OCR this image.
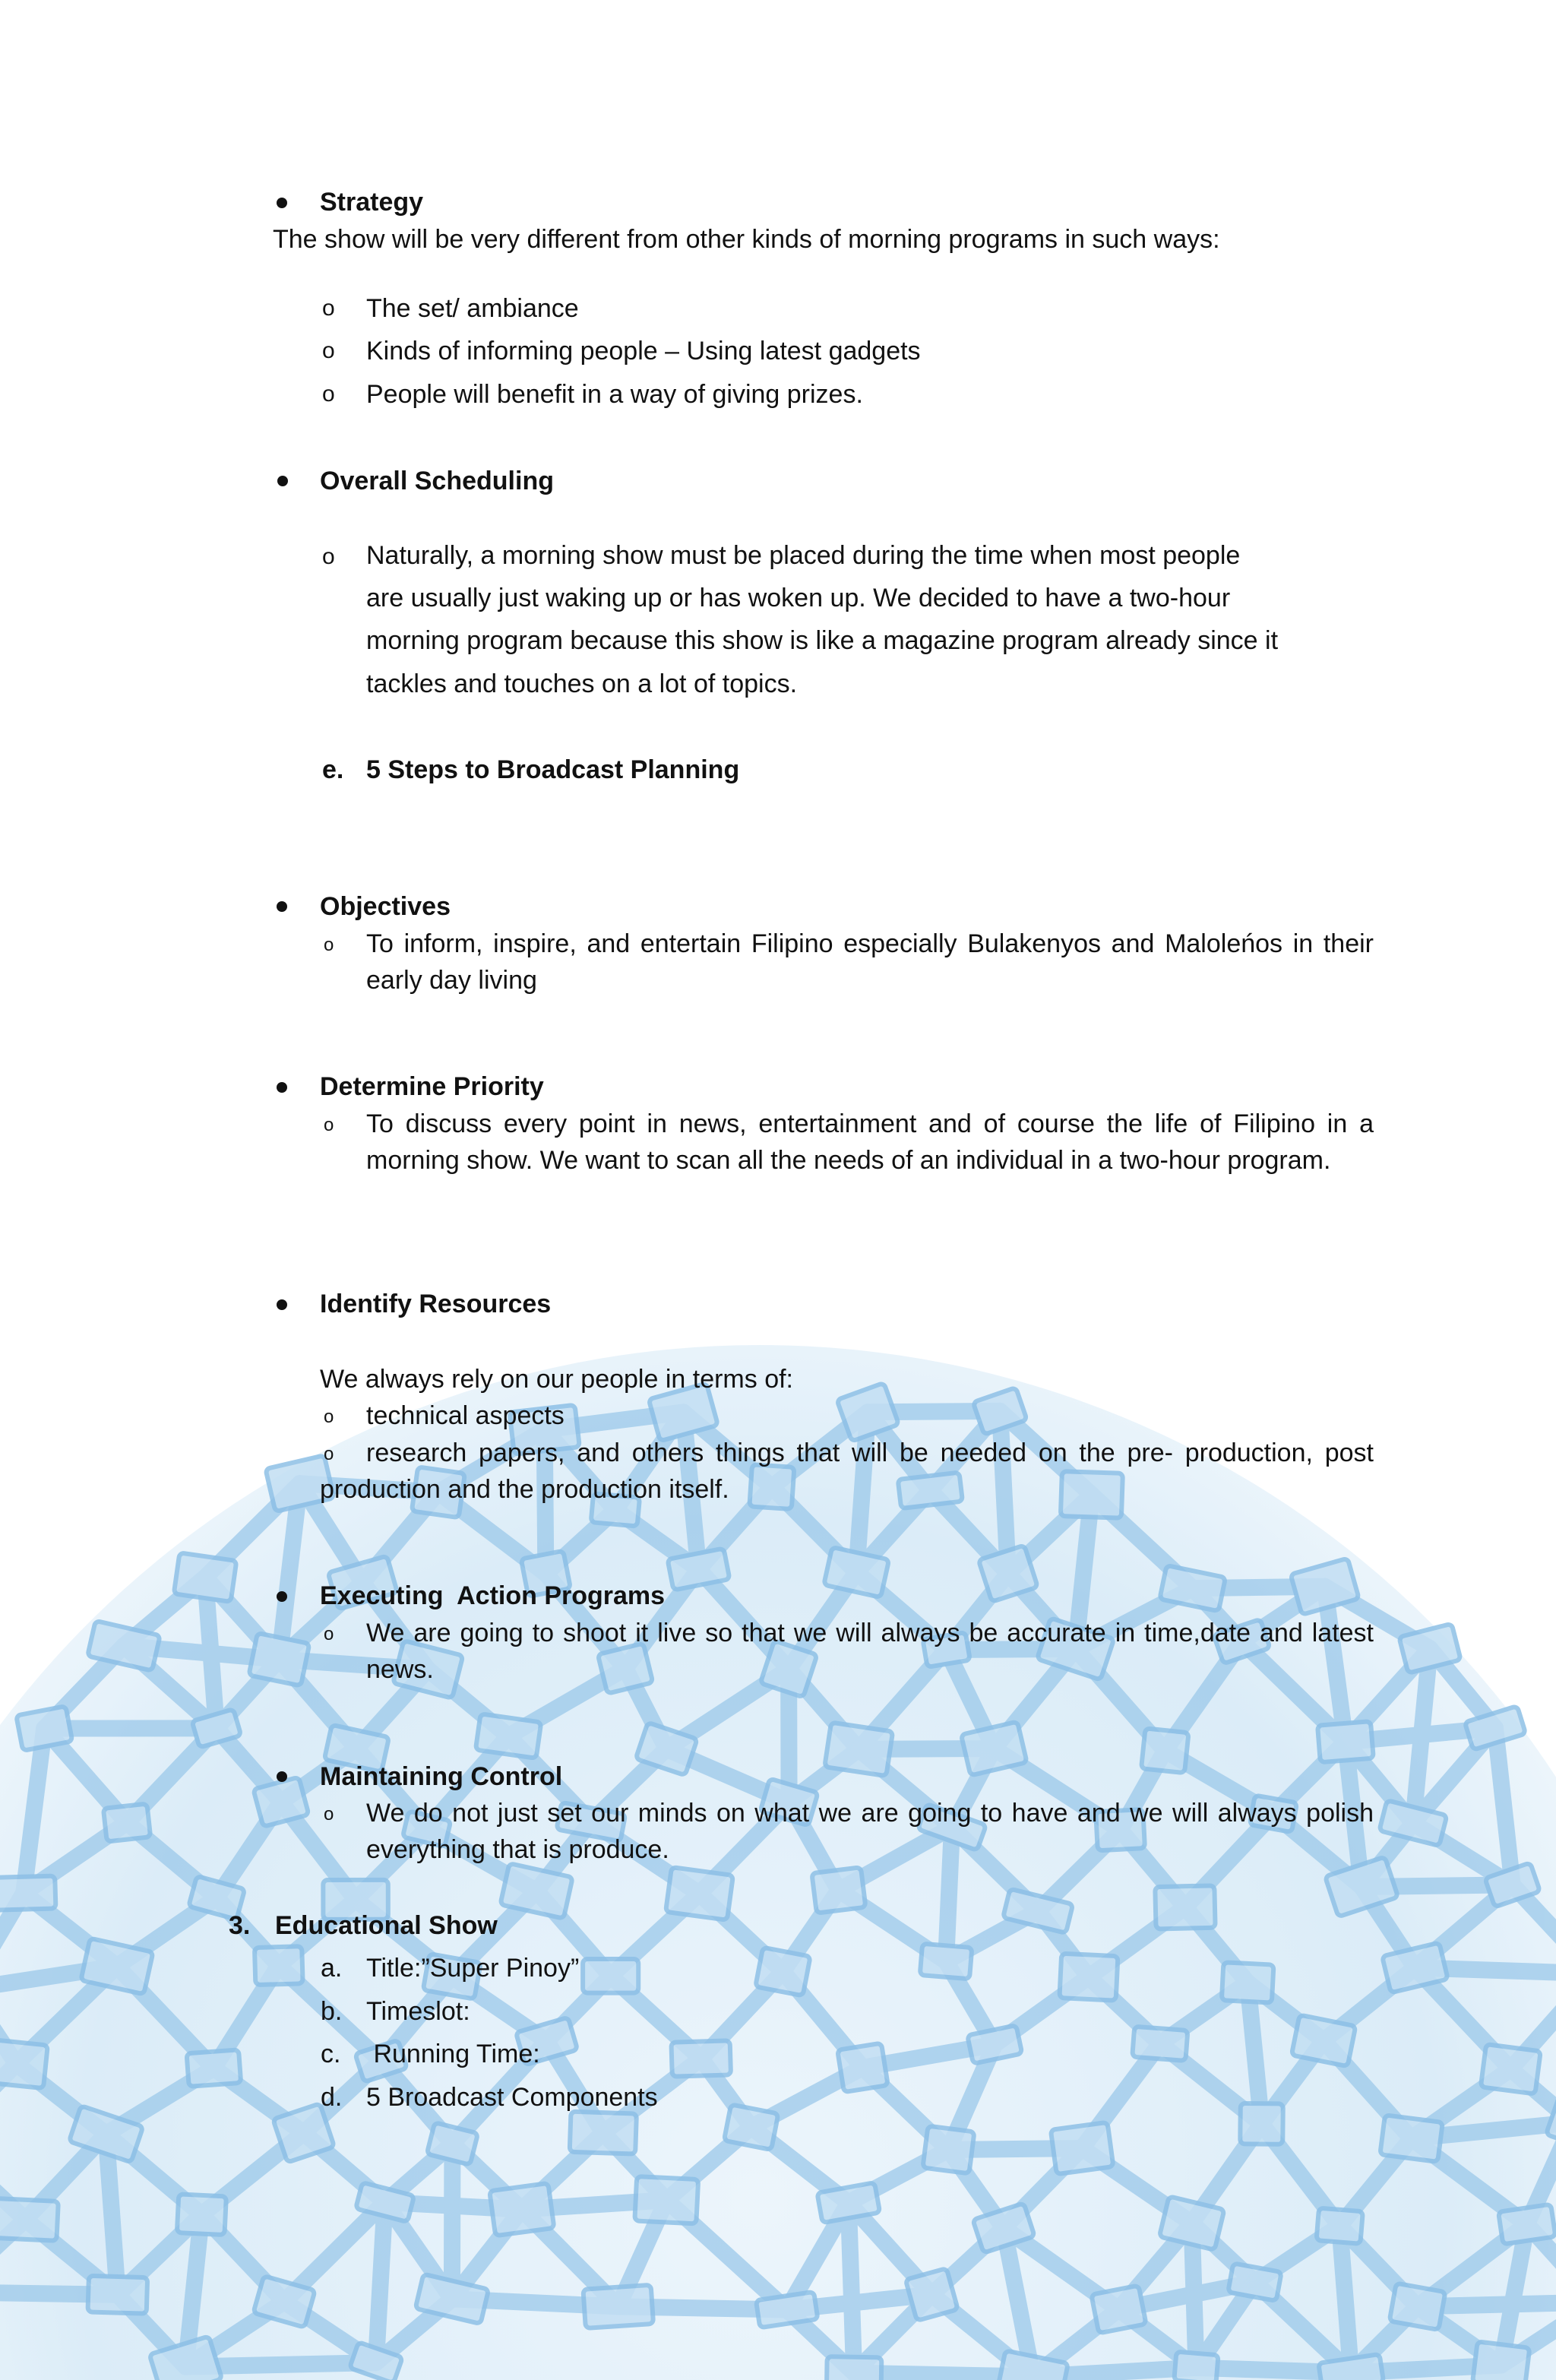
Strategy
The show will be very different from other kinds of morning programs in such ways:
o The set/ ambiance
o Kinds of informing people – Using latest gadgets
o People will benefit in a way of giving prizes.
Overall Scheduling
o Naturally, a morning show must be placed during the time when most people
are usually just waking up or has woken up. We decided to have a two-hour
morning program because this show is like a magazine program already since it
tackles and touches on a lot of topics.
e. 5 Steps to Broadcast Planning
Objectives
o To inform, inspire, and entertain Filipino especially Bulakenyos and Maloleńos in their early day living
Determine Priority
o To discuss every point in news, entertainment and of course the life of Filipino in a morning show. We want to scan all the needs of an individual in a two-hour program.
Identify Resources
We always rely on our people in terms of:
o technical aspects
o	research papers, and others things that will be needed on the pre- production, post production and the production itself.
Executing  Action Programs
o We are going to shoot it live so that we will always be accurate in time,date and latest news.
Maintaining Control
o We do not just set our minds on what we are going to have and we will always polish everything that is produce.
3. Educational Show
a. Title:”Super Pinoy”
b. Timeslot:
c. Running Time:
d. 5 Broadcast Components
